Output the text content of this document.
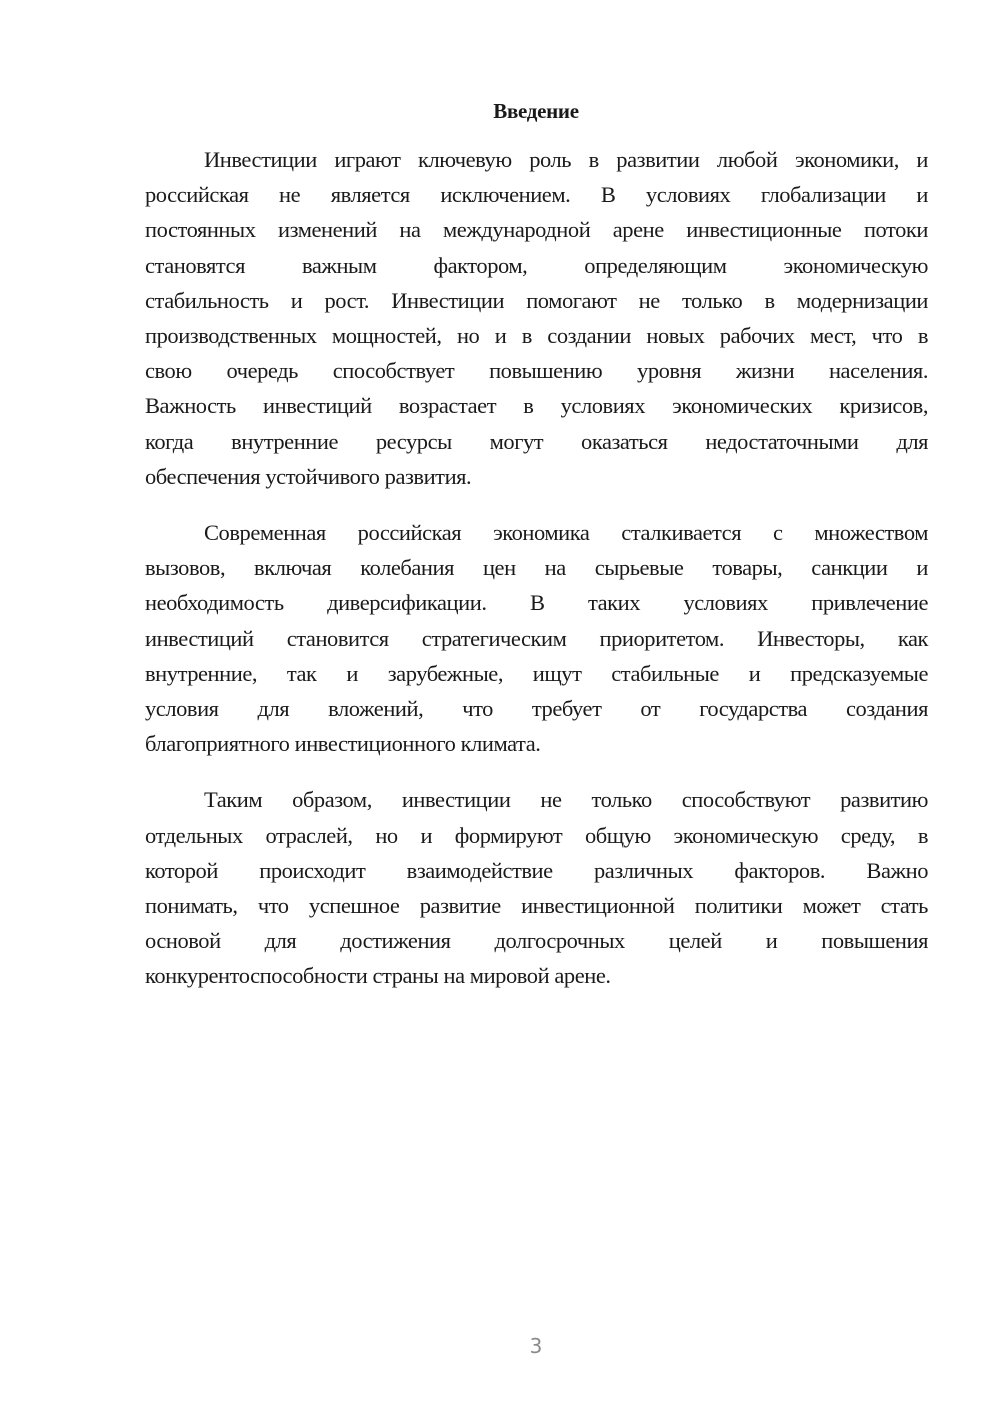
Введение

Инвестиции играют ключевую роль в развитии любой экономики, и
российская не является исключением. В условиях глобализации и
постоянных изменений на международной арене инвестиционные потоки
становятся важным фактором, определяющим экономическую
стабильность и рост. Инвестиции помогают не только в модернизации
производственных мощностей, но и в создании новых рабочих мест, что в
свою очередь способствует повышению уровня жизни населения.
Важность инвестиций возрастает в условиях экономических кризисов,
когда внутренние ресурсы могут оказаться недостаточными для
обеспечения устойчивого развития.

Современная российская экономика сталкивается с множеством
вызовов, включая колебания цен на сырьевые товары, санкции и
необходимость диверсификации. В таких условиях привлечение
инвестиций становится стратегическим приоритетом. Инвесторы, как
внутренние, так и зарубежные, ищут стабильные и предсказуемые
условия для вложений, что требует от государства создания
благоприятного инвестиционного климата.

Таким образом, инвестиции не только способствуют развитию
отдельных отраслей, но и формируют общую экономическую среду, в
которой происходит взаимодействие различных факторов. Важно
понимать, что успешное развитие инвестиционной политики может стать
основой для достижения долгосрочных целей и повышения
конкурентоспособности страны на мировой арене.

3
